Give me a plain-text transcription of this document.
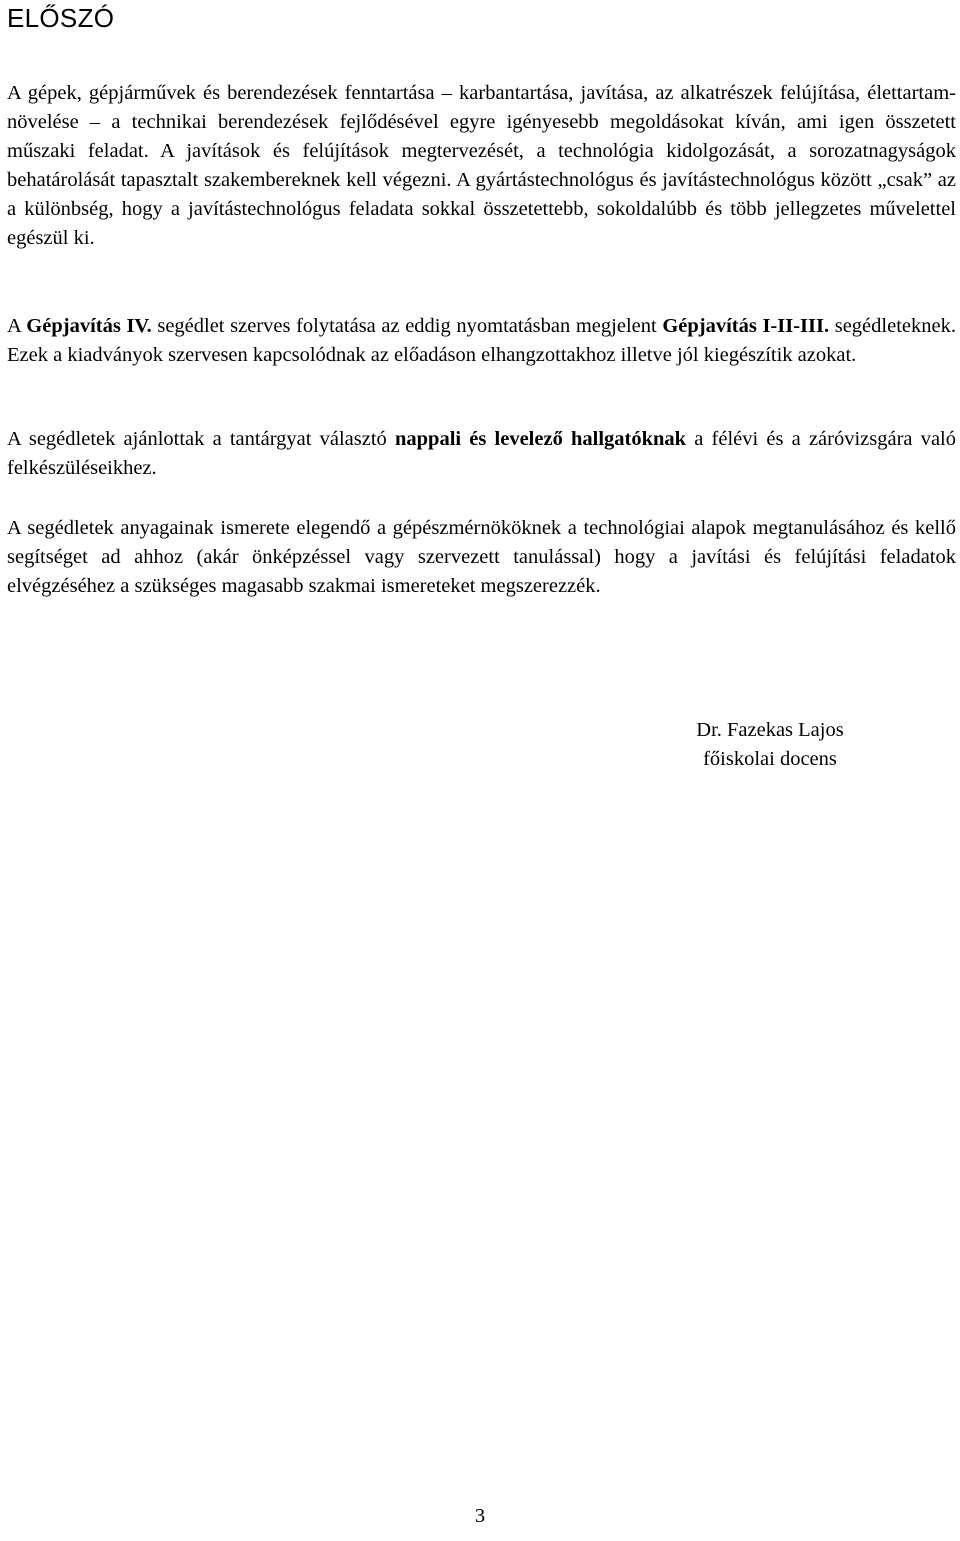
ELŐSZÓ

A gépek, gépjárművek és berendezések fenntartása – karbantartása, javítása, az alkatrészek felújítása, élettartam-növelése – a technikai berendezések fejlődésével egyre igényesebb megoldásokat kíván, ami igen összetett műszaki feladat. A javítások és felújítások megtervezését, a technológia kidolgozását, a sorozatnagyságok behatárolását tapasztalt szakembereknek kell végezni. A gyártástechnológus és javítástechnológus között „csak” az a különbség, hogy a javítástechnológus feladata sokkal összetettebb, sokoldalúbb és több jellegzetes művelettel egészül ki.

A Gépjavítás IV. segédlet szerves folytatása az eddig nyomtatásban megjelent Gépjavítás I-II-III. segédleteknek. Ezek a kiadványok szervesen kapcsolódnak az előadáson elhangzottakhoz illetve jól kiegészítik azokat.

A segédletek ajánlottak a tantárgyat választó nappali és levelező hallgatóknak a félévi és a záróvizsgára való felkészüléseikhez.

A segédletek anyagainak ismerete elegendő a gépészmérnököknek a technológiai alapok megtanulásához és kellő segítséget ad ahhoz (akár önképzéssel vagy szervezett tanulással) hogy a javítási és felújítási feladatok elvégzéséhez a szükséges magasabb szakmai ismereteket megszerezzék.

Dr. Fazekas Lajos
főiskolai docens
3
